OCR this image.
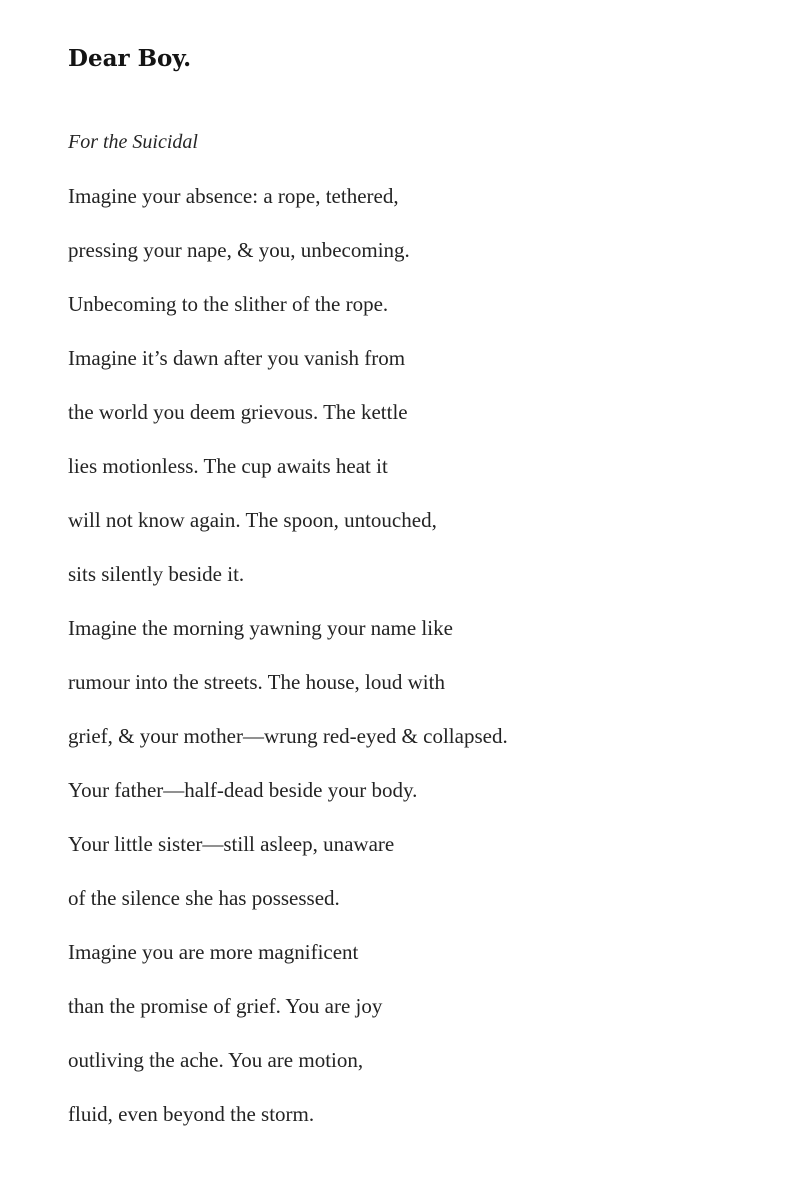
Dear Boy.

For the Suicidal

Imagine your absence: a rope, tethered,

pressing your nape, & you, unbecoming.

Unbecoming to the slither of the rope.

Imagine it’s dawn after you vanish from

the world you deem grievous. The kettle

lies motionless. The cup awaits heat it

will not know again. The spoon, untouched,

sits silently beside it.

Imagine the morning yawning your name like

rumour into the streets. The house, loud with

grief, & your mother—wrung red-eyed & collapsed.

Your father—half-dead beside your body.

Your little sister—still asleep, unaware

of the silence she has possessed.

Imagine you are more magnificent

than the promise of grief. You are joy

outliving the ache. You are motion,

fluid, even beyond the storm.
